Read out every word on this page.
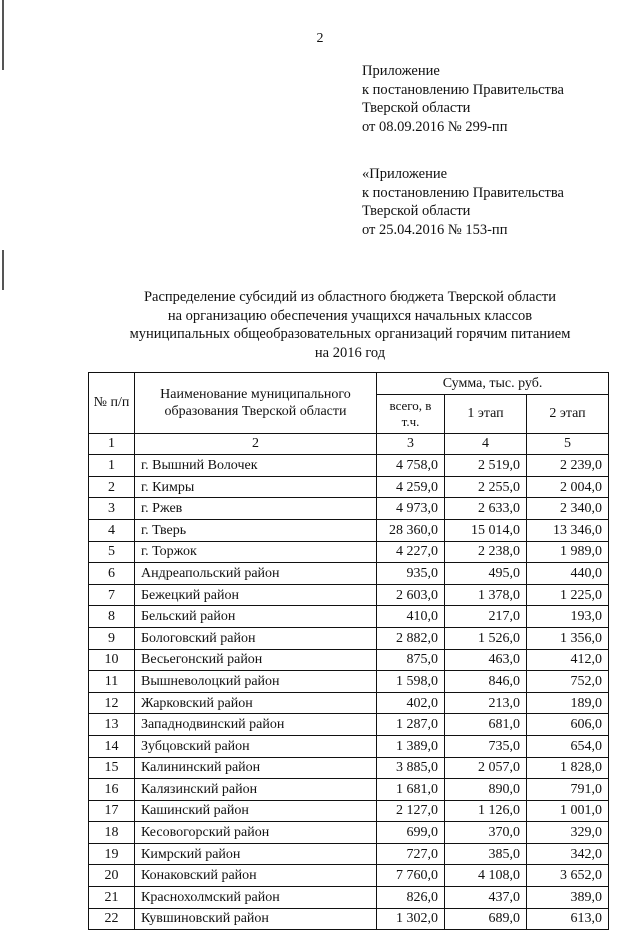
2
Приложение
к постановлению Правительства
Тверской области
от 08.09.2016 № 299-пп
«Приложение
к постановлению Правительства
Тверской области
от 25.04.2016 № 153-пп
Распределение субсидий из областного бюджета Тверской области
на организацию обеспечения учащихся начальных классов
муниципальных общеобразовательных организаций горячим питанием
на 2016 год
№ п/п	Наименование муниципального образования Тверской области	Сумма, тыс. руб.		
		всего, в т.ч.	1 этап	2 этап
1	2	3	4	5
1	г. Вышний Волочек	4 758,0	2 519,0	2 239,0
2	г. Кимры	4 259,0	2 255,0	2 004,0
3	г. Ржев	4 973,0	2 633,0	2 340,0
4	г. Тверь	28 360,0	15 014,0	13 346,0
5	г. Торжок	4 227,0	2 238,0	1 989,0
6	Андреапольский район	935,0	495,0	440,0
7	Бежецкий район	2 603,0	1 378,0	1 225,0
8	Бельский район	410,0	217,0	193,0
9	Бологовский район	2 882,0	1 526,0	1 356,0
10	Весьегонский район	875,0	463,0	412,0
11	Вышневолоцкий район	1 598,0	846,0	752,0
12	Жарковский район	402,0	213,0	189,0
13	Западнодвинский район	1 287,0	681,0	606,0
14	Зубцовский район	1 389,0	735,0	654,0
15	Калининский район	3 885,0	2 057,0	1 828,0
16	Калязинский район	1 681,0	890,0	791,0
17	Кашинский район	2 127,0	1 126,0	1 001,0
18	Кесовогорский район	699,0	370,0	329,0
19	Кимрский район	727,0	385,0	342,0
20	Конаковский район	7 760,0	4 108,0	3 652,0
21	Краснохолмский район	826,0	437,0	389,0
22	Кувшиновский район	1 302,0	689,0	613,0
